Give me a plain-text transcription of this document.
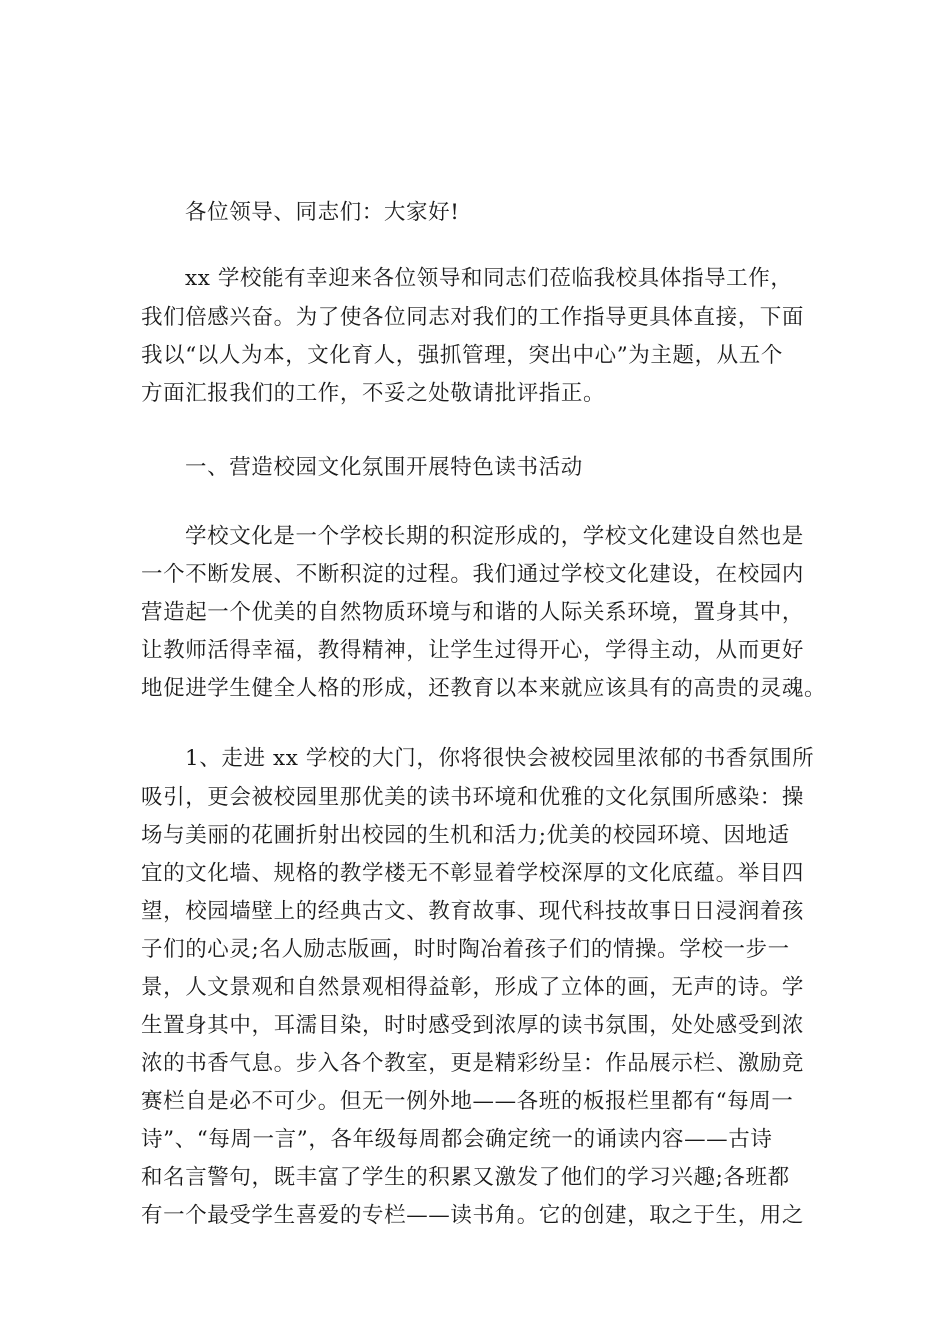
各位领导、同志们：大家好!
xx 学校能有幸迎来各位领导和同志们莅临我校具体指导工作，
我们倍感兴奋。为了使各位同志对我们的工作指导更具体直接，下面
我以“以人为本，文化育人，强抓管理，突出中心”为主题，从五个
方面汇报我们的工作，不妥之处敬请批评指正。
一、营造校园文化氛围开展特色读书活动
学校文化是一个学校长期的积淀形成的，学校文化建设自然也是
一个不断发展、不断积淀的过程。我们通过学校文化建设，在校园内
营造起一个优美的自然物质环境与和谐的人际关系环境，置身其中，
让教师活得幸福，教得精神，让学生过得开心，学得主动，从而更好
地促进学生健全人格的形成，还教育以本来就应该具有的高贵的灵魂。
1、走进 xx 学校的大门，你将很快会被校园里浓郁的书香氛围所
吸引，更会被校园里那优美的读书环境和优雅的文化氛围所感染：操
场与美丽的花圃折射出校园的生机和活力;优美的校园环境、因地适
宜的文化墙、规格的教学楼无不彰显着学校深厚的文化底蕴。举目四
望，校园墙壁上的经典古文、教育故事、现代科技故事日日浸润着孩
子们的心灵;名人励志版画，时时陶冶着孩子们的情操。学校一步一
景，人文景观和自然景观相得益彰，形成了立体的画，无声的诗。学
生置身其中，耳濡目染，时时感受到浓厚的读书氛围，处处感受到浓
浓的书香气息。步入各个教室，更是精彩纷呈：作品展示栏、激励竞
赛栏自是必不可少。但无一例外地——各班的板报栏里都有“每周一
诗”、“每周一言”，各年级每周都会确定统一的诵读内容——古诗
和名言警句，既丰富了学生的积累又激发了他们的学习兴趣;各班都
有一个最受学生喜爱的专栏——读书角。它的创建，取之于生，用之
